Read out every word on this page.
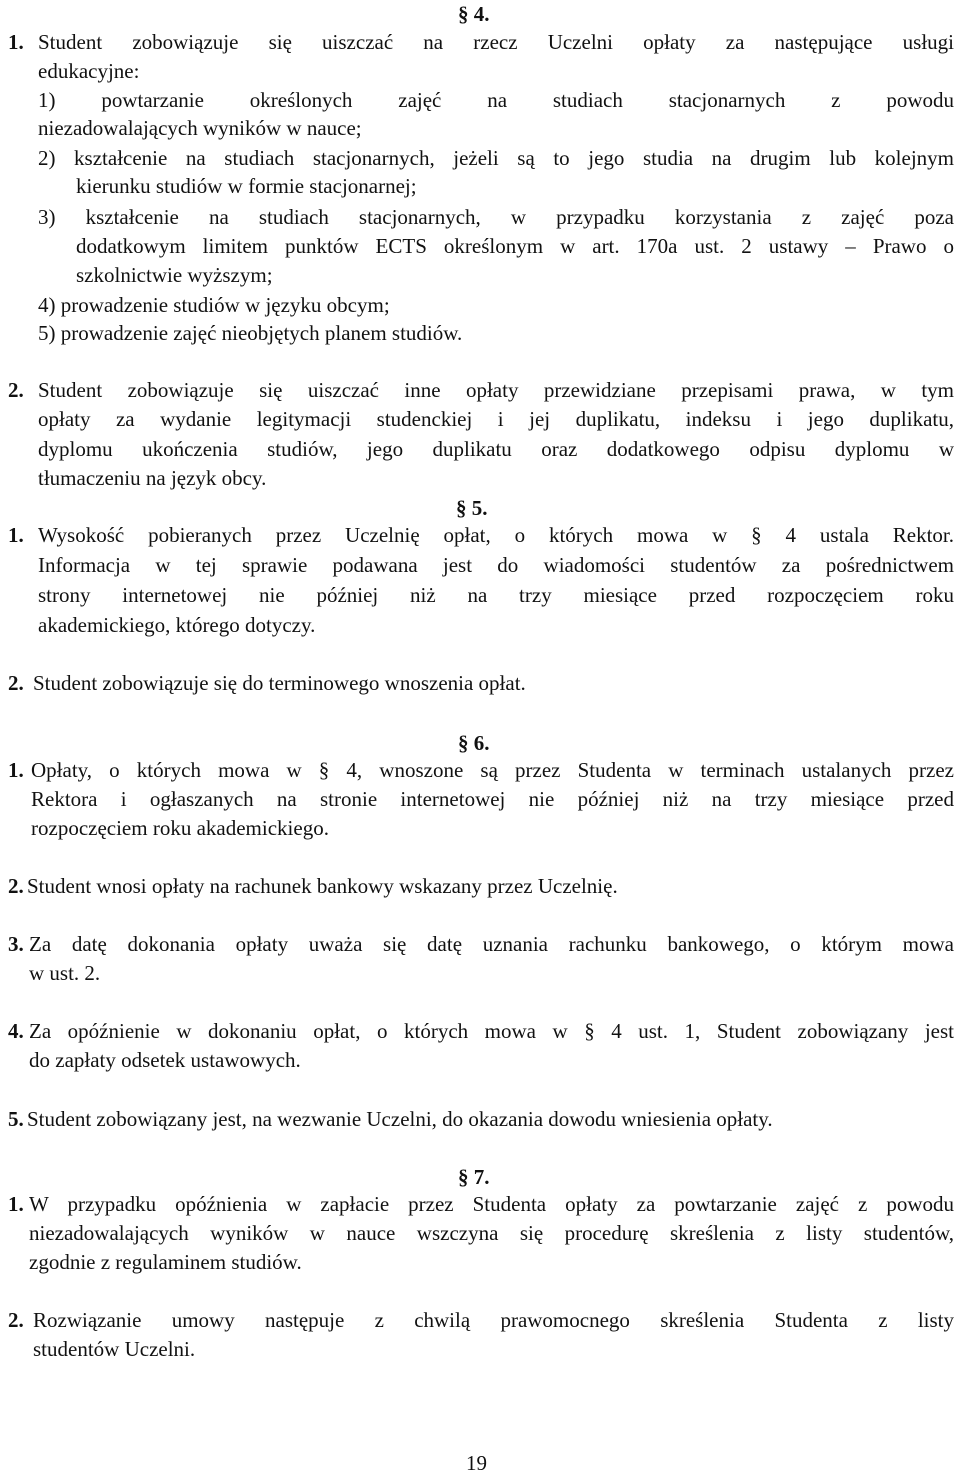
§ 4.
1. Student zobowiązuje się uiszczać na rzecz Uczelni opłaty za następujące usługi
edukacyjne:
1) powtarzanie określonych zajęć na studiach stacjonarnych z powodu
niezadowalających wyników w nauce;
2) kształcenie na studiach stacjonarnych, jeżeli są to jego studia na drugim lub kolejnym
kierunku studiów w formie stacjonarnej;
3) kształcenie na studiach stacjonarnych, w przypadku korzystania z zajęć poza
dodatkowym limitem punktów ECTS określonym w art. 170a ust. 2 ustawy – Prawo o
szkolnictwie wyższym;
4) prowadzenie studiów w języku obcym;
5) prowadzenie zajęć nieobjętych planem studiów.
2. Student zobowiązuje się uiszczać inne opłaty przewidziane przepisami prawa, w tym
opłaty za wydanie legitymacji studenckiej i jej duplikatu, indeksu i jego duplikatu,
dyplomu ukończenia studiów, jego duplikatu oraz dodatkowego odpisu dyplomu w
tłumaczeniu na język obcy.
§ 5.
1. Wysokość pobieranych przez Uczelnię opłat, o których mowa w § 4 ustala Rektor.
Informacja w tej sprawie podawana jest do wiadomości studentów za pośrednictwem
strony internetowej nie później niż na trzy miesiące przed rozpoczęciem roku
akademickiego, którego dotyczy.
2. Student zobowiązuje się do terminowego wnoszenia opłat.
§ 6.
1. Opłaty, o których mowa w § 4, wnoszone są przez Studenta w terminach ustalanych przez
Rektora i ogłaszanych na stronie internetowej nie później niż na trzy miesiące przed
rozpoczęciem roku akademickiego.
2. Student wnosi opłaty na rachunek bankowy wskazany przez Uczelnię.
3. Za datę dokonania opłaty uważa się datę uznania rachunku bankowego, o którym mowa
w ust. 2.
4. Za opóźnienie w dokonaniu opłat, o których mowa w § 4 ust. 1, Student zobowiązany jest
do zapłaty odsetek ustawowych.
5. Student zobowiązany jest, na wezwanie Uczelni, do okazania dowodu wniesienia opłaty.
§ 7.
1. W przypadku opóźnienia w zapłacie przez Studenta opłaty za powtarzanie zajęć z powodu
niezadowalających wyników w nauce wszczyna się procedurę skreślenia z listy studentów,
zgodnie z regulaminem studiów.
2. Rozwiązanie umowy następuje z chwilą prawomocnego skreślenia Studenta z listy
studentów Uczelni.
19
